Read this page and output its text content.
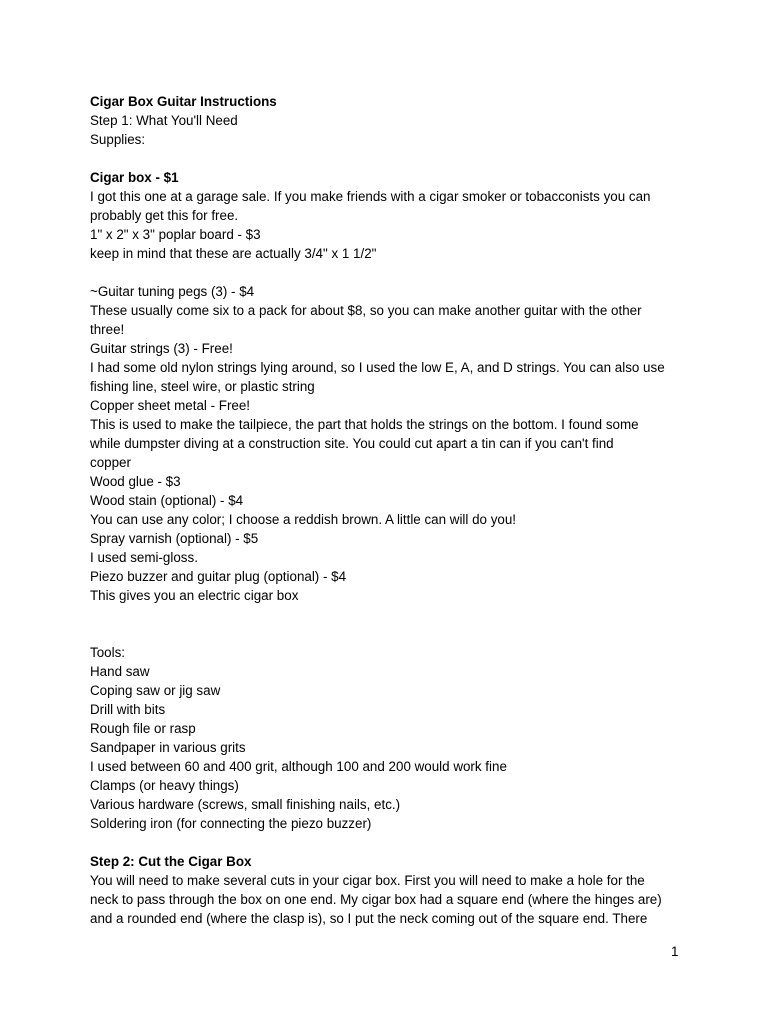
Cigar Box Guitar Instructions
Step 1: What You'll Need
Supplies:
Cigar box - $1
I got this one at a garage sale. If you make friends with a cigar smoker or tobacconists you can
probably get this for free.
1" x 2" x 3" poplar board - $3
keep in mind that these are actually 3/4" x 1 1/2"
~Guitar tuning pegs (3) - $4
These usually come six to a pack for about $8, so you can make another guitar with the other
three!
Guitar strings (3) - Free!
I had some old nylon strings lying around, so I used the low E, A, and D strings. You can also use
fishing line, steel wire, or plastic string
Copper sheet metal - Free!
This is used to make the tailpiece, the part that holds the strings on the bottom. I found some
while dumpster diving at a construction site. You could cut apart a tin can if you can't find
copper
Wood glue - $3
Wood stain (optional) - $4
You can use any color; I choose a reddish brown. A little can will do you!
Spray varnish (optional) - $5
I used semi-gloss.
Piezo buzzer and guitar plug (optional) - $4
This gives you an electric cigar box
Tools:
Hand saw
Coping saw or jig saw
Drill with bits
Rough file or rasp
Sandpaper in various grits
I used between 60 and 400 grit, although 100 and 200 would work fine
Clamps (or heavy things)
Various hardware (screws, small finishing nails, etc.)
Soldering iron (for connecting the piezo buzzer)
Step 2: Cut the Cigar Box
You will need to make several cuts in your cigar box. First you will need to make a hole for the
neck to pass through the box on one end. My cigar box had a square end (where the hinges are)
and a rounded end (where the clasp is), so I put the neck coming out of the square end. There
1
